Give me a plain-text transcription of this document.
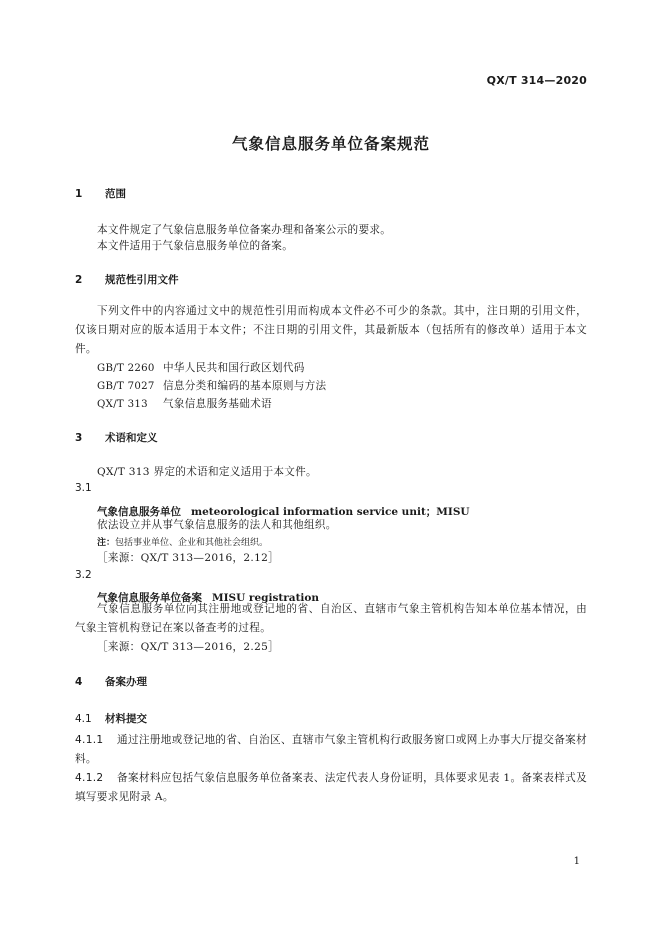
QX/T 314—2020
气象信息服务单位备案规范
1 范围
本文件规定了气象信息服务单位备案办理和备案公示的要求。
本文件适用于气象信息服务单位的备案。
2 规范性引用文件
下列文件中的内容通过文中的规范性引用而构成本文件必不可少的条款。其中，注日期的引用文件，仅该日期对应的版本适用于本文件；不注日期的引用文件，其最新版本（包括所有的修改单）适用于本文件。
GB/T 2260 中华人民共和国行政区划代码
GB/T 7027 信息分类和编码的基本原则与方法
QX/T 313 气象信息服务基础术语
3 术语和定义
QX/T 313 界定的术语和定义适用于本文件。
3.1
气象信息服务单位 meteorological information service unit；MISU
依法设立并从事气象信息服务的法人和其他组织。
注：包括事业单位、企业和其他社会组织。
［来源：QX/T 313—2016，2.12］
3.2
气象信息服务单位备案 MISU registration
气象信息服务单位向其注册地或登记地的省、自治区、直辖市气象主管机构告知本单位基本情况，由气象主管机构登记在案以备查考的过程。
［来源：QX/T 313—2016，2.25］
4 备案办理
4.1 材料提交
4.1.1 通过注册地或登记地的省、自治区、直辖市气象主管机构行政服务窗口或网上办事大厅提交备案材料。
4.1.2 备案材料应包括气象信息服务单位备案表、法定代表人身份证明，具体要求见表 1。备案表样式及填写要求见附录 A。
1
